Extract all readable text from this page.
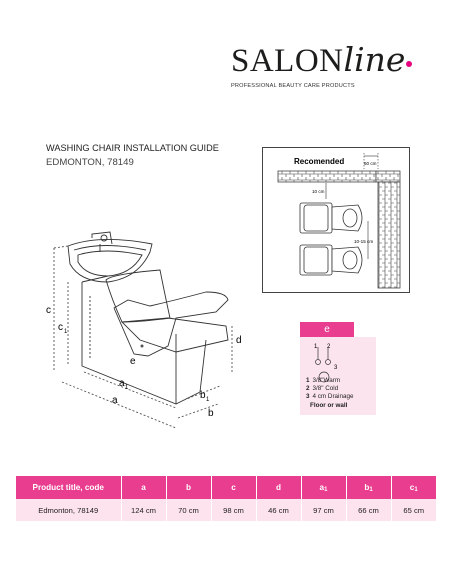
SALONline
PROFESSIONAL BEAUTY CARE PRODUCTS
WASHING CHAIR INSTALLATION GUIDE
EDMONTON, 78149
c
c 1
d
e
a 1
a	b 1
b
Recomended	60 cm
10 cm
10-15 cm
e
1 2
3
1 3/8"Warm
2 3/8" Cold
3 4 cm Drainage
Floor or wall
Product title, code	a	b	c	d	a1	b1	c1
Edmonton, 78149	124 cm	70 cm	98 cm	46 cm	97 cm	66 cm	65 cm
